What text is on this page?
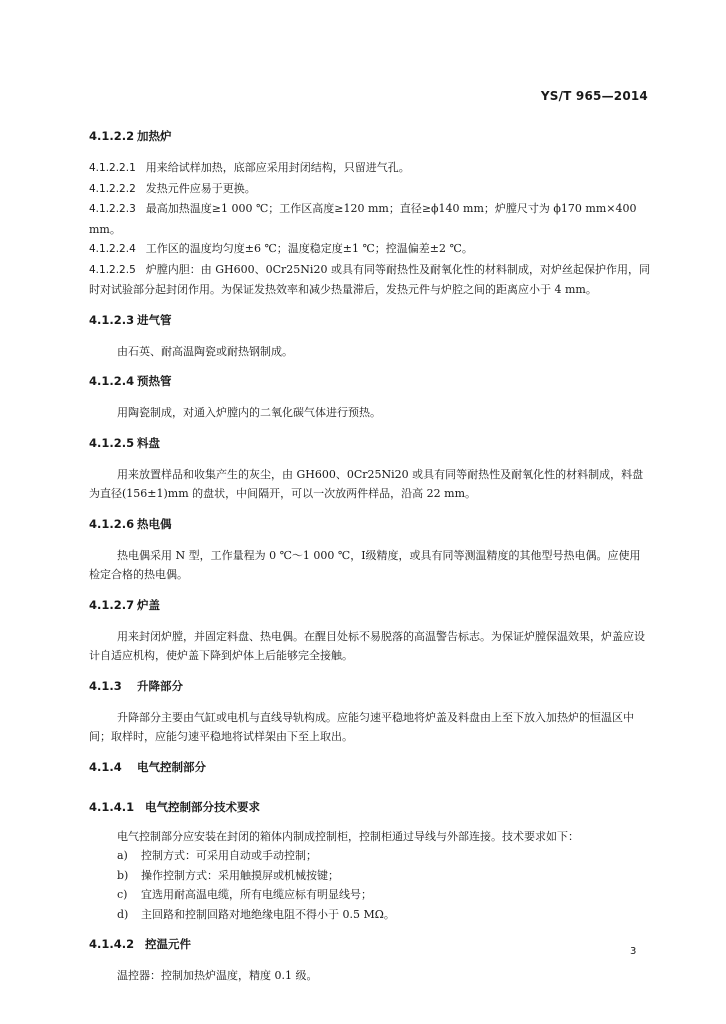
YS/T 965—2014
4.1.2.2 加热炉
4.1.2.2.1 用来给试样加热，底部应采用封闭结构，只留进气孔。
4.1.2.2.2 发热元件应易于更换。
4.1.2.2.3 最高加热温度≥1 000 ℃；工作区高度≥120 mm；直径≥ϕ140 mm；炉膛尺寸为 ϕ170 mm×400 mm。
4.1.2.2.4 工作区的温度均匀度±6 ℃；温度稳定度±1 ℃；控温偏差±2 ℃。
4.1.2.2.5 炉膛内胆：由 GH600、0Cr25Ni20 或具有同等耐热性及耐氧化性的材料制成，对炉丝起保护作用，同时对试验部分起封闭作用。为保证发热效率和减少热量滞后，发热元件与炉腔之间的距离应小于 4 mm。
4.1.2.3 进气管
由石英、耐高温陶瓷或耐热钢制成。
4.1.2.4 预热管
用陶瓷制成，对通入炉膛内的二氧化碳气体进行预热。
4.1.2.5 料盘
用来放置样品和收集产生的灰尘，由 GH600、0Cr25Ni20 或具有同等耐热性及耐氧化性的材料制成，料盘为直径(156±1)mm 的盘状，中间隔开，可以一次放两件样品，沿高 22 mm。
4.1.2.6 热电偶
热电偶采用 N 型，工作量程为 0 ℃～1 000 ℃，Ⅰ级精度，或具有同等测温精度的其他型号热电偶。应使用检定合格的热电偶。
4.1.2.7 炉盖
用来封闭炉膛，并固定料盘、热电偶。在醒目处标不易脱落的高温警告标志。为保证炉膛保温效果，炉盖应设计自适应机构，使炉盖下降到炉体上后能够完全接触。
4.1.3 升降部分
升降部分主要由气缸或电机与直线导轨构成。应能匀速平稳地将炉盖及料盘由上至下放入加热炉的恒温区中间；取样时，应能匀速平稳地将试样架由下至上取出。
4.1.4 电气控制部分
4.1.4.1 电气控制部分技术要求
电气控制部分应安装在封闭的箱体内制成控制柜，控制柜通过导线与外部连接。技术要求如下：
a) 控制方式：可采用自动或手动控制；
b) 操作控制方式：采用触摸屏或机械按键；
c) 宜选用耐高温电缆，所有电缆应标有明显线号；
d) 主回路和控制回路对地绝缘电阻不得小于 0.5 MΩ。
4.1.4.2 控温元件
温控器：控制加热炉温度，精度 0.1 级。
3
